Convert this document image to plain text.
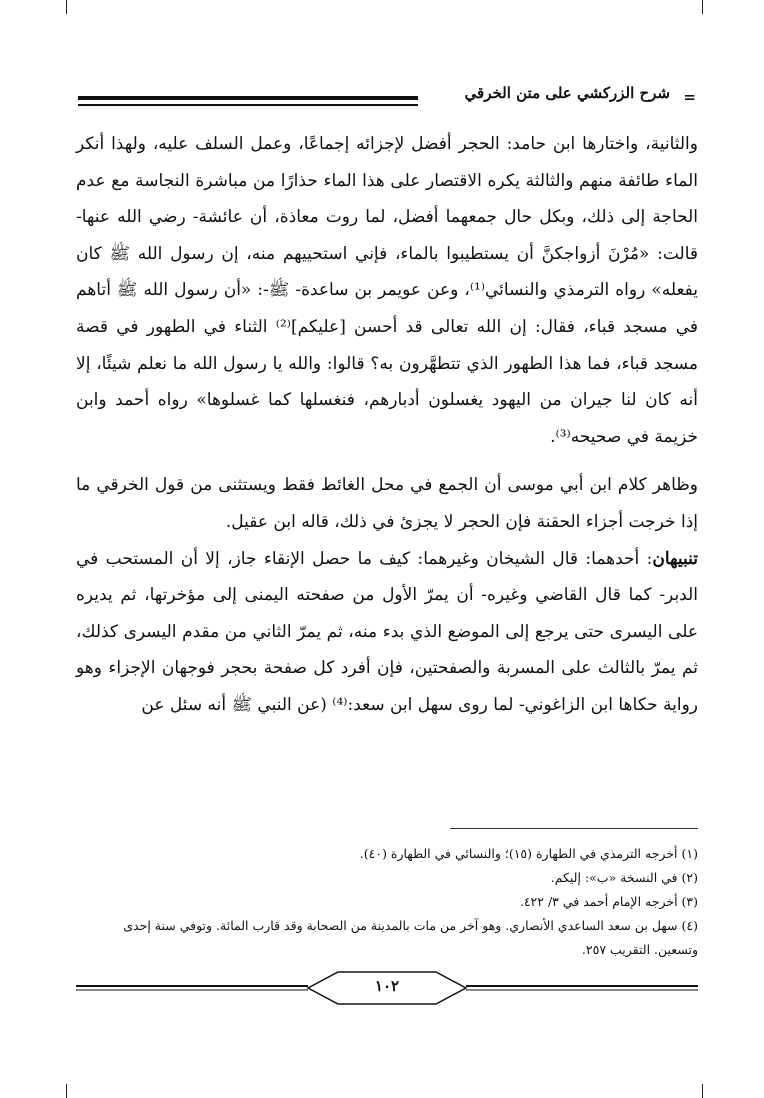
=
شرح الزركشي على متن الخرقي

والثانية، واختارها ابن حامد: الحجر أفضل لإجزائه إجماعًا، وعمل السلف عليه، ولهذا أنكر الماء طائفة منهم والثالثة يكره الاقتصار على هذا الماء حذارًا من مباشرة النجاسة مع عدم الحاجة إلى ذلك، وبكل حال جمعهما أفضل، لما روت معاذة، أن عائشة- رضي الله عنها- قالت: «مُرْنَ أزواجكنَّ أن يستطيبوا بالماء، فإني استحييهم منه، إن رسول الله ﷺ كان يفعله» رواه الترمذي والنسائي⁽¹⁾، وعن عويمر بن ساعدة- ﷺ-: «أن رسول الله ﷺ أتاهم في مسجد قباء، فقال: إن الله تعالى قد أحسن [عليكم]⁽²⁾ الثناء في الطهور في قصة مسجد قباء، فما هذا الطهور الذي تتطهَّرون به؟ قالوا: والله يا رسول الله ما نعلم شيئًا، إلا أنه كان لنا جيران من اليهود يغسلون أدبارهم، فنغسلها كما غسلوها» رواه أحمد وابن خزيمة في صحيحه⁽³⁾.

وظاهر كلام ابن أبي موسى أن الجمع في محل الغائط فقط ويستثنى من قول الخرقي ما إذا خرجت أجزاء الحقنة فإن الحجر لا يجزئ في ذلك، قاله ابن عقيل.

تنبيهان: أحدهما: قال الشيخان وغيرهما: كيف ما حصل الإنقاء جاز، إلا أن المستحب في الدبر- كما قال القاضي وغيره- أن يمرّ الأول من صفحته اليمنى إلى مؤخرتها، ثم يديره على اليسرى حتى يرجع إلى الموضع الذي بدء منه، ثم يمرّ الثاني من مقدم اليسرى كذلك، ثم يمرّ بالثالث على المسربة والصفحتين، فإن أفرد كل صفحة بحجر فوجهان الإجزاء وهو رواية حكاها ابن الزاغوني- لما روى سهل ابن سعد:⁽⁴⁾ (عن النبي ﷺ أنه سئل عن

(١) أخرجه الترمذي في الطهارة (١٥)؛ والنسائي في الطهارة (٤٠).

(٢) في النسخة «ب»: إليكم.

(٣) أخرجه الإمام أحمد في ٣/ ٤٢٢.

(٤) سهل بن سعد الساعدي الأنصاري. وهو آخر من مات بالمدينة من الصحابة وقد قارب المائة. وتوفي سنة إحدى وتسعين. التقريب ٢٥٧.

١٠٢
